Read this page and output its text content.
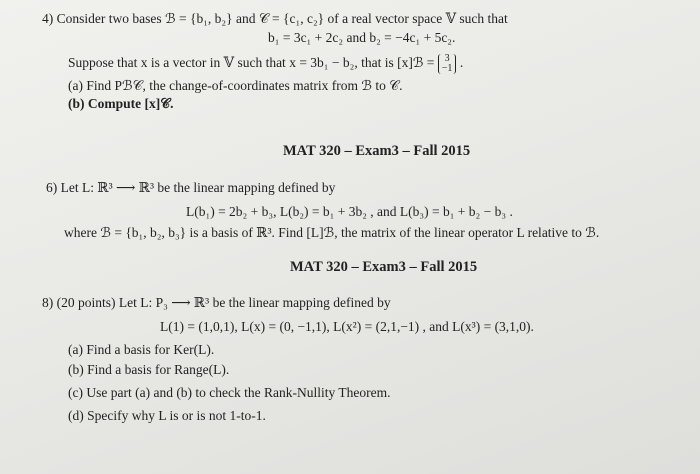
4) Consider two bases ℬ = {b₁, b₂} and 𝒞 = {c₁, c₂} of a real vector space 𝕍 such that
b₁ = 3c₁ + 2c₂ and b₂ = −4c₁ + 5c₂.
Suppose that x is a vector in 𝕍 such that x = 3b₁ − b₂, that is [x]ℬ = 3
−1 .
(a) Find Pℬ𝒞, the change-of-coordinates matrix from ℬ to 𝒞.
(b) Compute [x]𝒞.
MAT 320 – Exam3 – Fall 2015
6) Let L: ℝ³ ⟶ ℝ³ be the linear mapping defined by
L(b₁) = 2b₂ + b₃, L(b₂) = b₁ + 3b₂ , and L(b₃) = b₁ + b₂ − b₃ .
where ℬ = {b₁, b₂, b₃} is a basis of ℝ³. Find [L]ℬ, the matrix of the linear operator L relative to ℬ.
MAT 320 – Exam3 – Fall 2015
8) (20 points) Let L: P₃ ⟶ ℝ³ be the linear mapping defined by
L(1) = (1,0,1), L(x) = (0, −1,1), L(x²) = (2,1,−1) , and L(x³) = (3,1,0).
(a) Find a basis for Ker(L).
(b) Find a basis for Range(L).
(c) Use part (a) and (b) to check the Rank-Nullity Theorem.
(d) Specify why L is or is not 1-to-1.
